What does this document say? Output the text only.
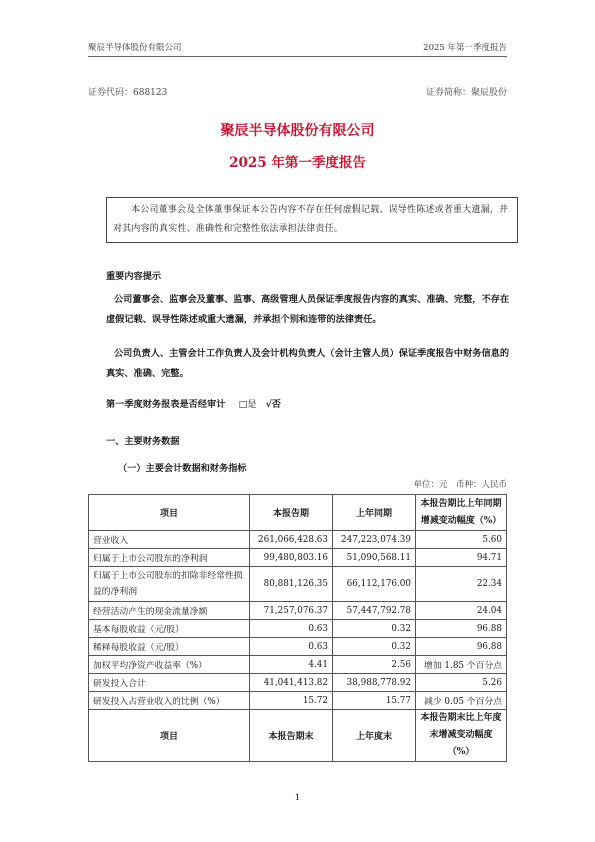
聚辰半导体股份有限公司	2025 年第一季度报告
证券代码：688123	证券简称：聚辰股份
聚辰半导体股份有限公司
2025 年第一季度报告
本公司董事会及全体董事保证本公告内容不存在任何虚假记载、误导性陈述或者重大遗漏，并对其内容的真实性、准确性和完整性依法承担法律责任。
重要内容提示
公司董事会、监事会及董事、监事、高级管理人员保证季度报告内容的真实、准确、完整，不存在虚假记载、误导性陈述或重大遗漏，并承担个别和连带的法律责任。
公司负责人、主管会计工作负责人及会计机构负责人（会计主管人员）保证季度报告中财务信息的真实、准确、完整。
第一季度财务报表是否经审计 □是 √否
一、主要财务数据
（一）主要会计数据和财务指标
单位：元　币种：人民币
项目	本报告期	上年同期	本报告期比上年同期增减变动幅度（%）
营业收入	261,066,428.63	247,223,074.39	5.60
归属于上市公司股东的净利润	99,480,803.16	51,090,568.11	94.71
归属于上市公司股东的扣除非经常性损益的净利润	80,881,126.35	66,112,176.00	22.34
经营活动产生的现金流量净额	71,257,076.37	57,447,792.78	24.04
基本每股收益（元/股）	0.63	0.32	96.88
稀释每股收益（元/股）	0.63	0.32	96.88
加权平均净资产收益率（%）	4.41	2.56	增加 1.85 个百分点
研发投入合计	41,041,413.82	38,988,778.92	5.26
研发投入占营业收入的比例（%）	15.72	15.77	减少 0.05 个百分点
项目	本报告期末	上年度末	本报告期末比上年度末增减变动幅度（%）
1
